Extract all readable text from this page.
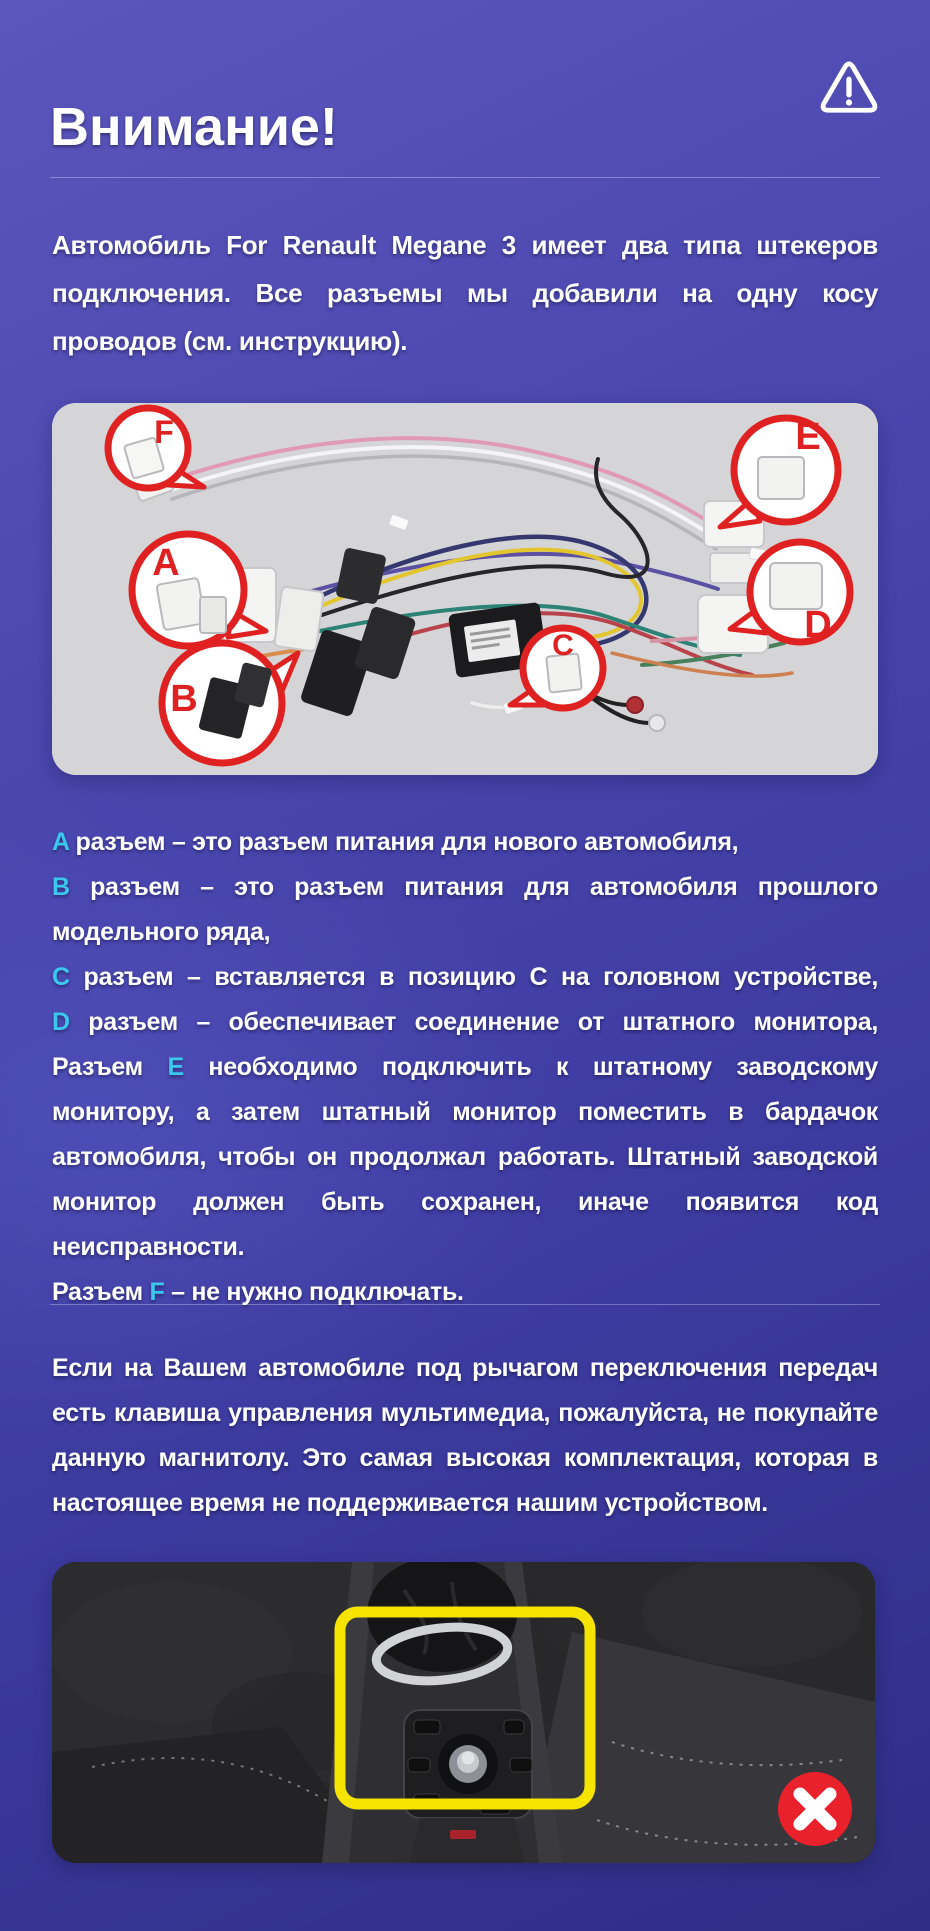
Внимание!
Автомобиль For Renault Megane 3 имеет два типа штекеров
подключения. Все разъемы мы добавили на одну косу
проводов (см. инструкцию).
F
A
B
C
E
D
A разъем – это разъем питания для нового автомобиля,
B разъем – это разъем питания для автомобиля прошлого
модельного ряда,
C разъем – вставляется в позицию C на головном устройстве,
D разъем – обеспечивает соединение от штатного монитора,
Разъем E необходимо подключить к штатному заводскому
монитору, а затем штатный монитор поместить в бардачок
автомобиля, чтобы он продолжал работать. Штатный заводской
монитор должен быть сохранен, иначе появится код неисправности.
Разъем F – не нужно подключать.
Если на Вашем автомобиле под рычагом переключения передач
есть клавиша управления мультимедиа, пожалуйста, не покупайте
данную магнитолу. Это самая высокая комплектация, которая в
настоящее время не поддерживается нашим устройством.
